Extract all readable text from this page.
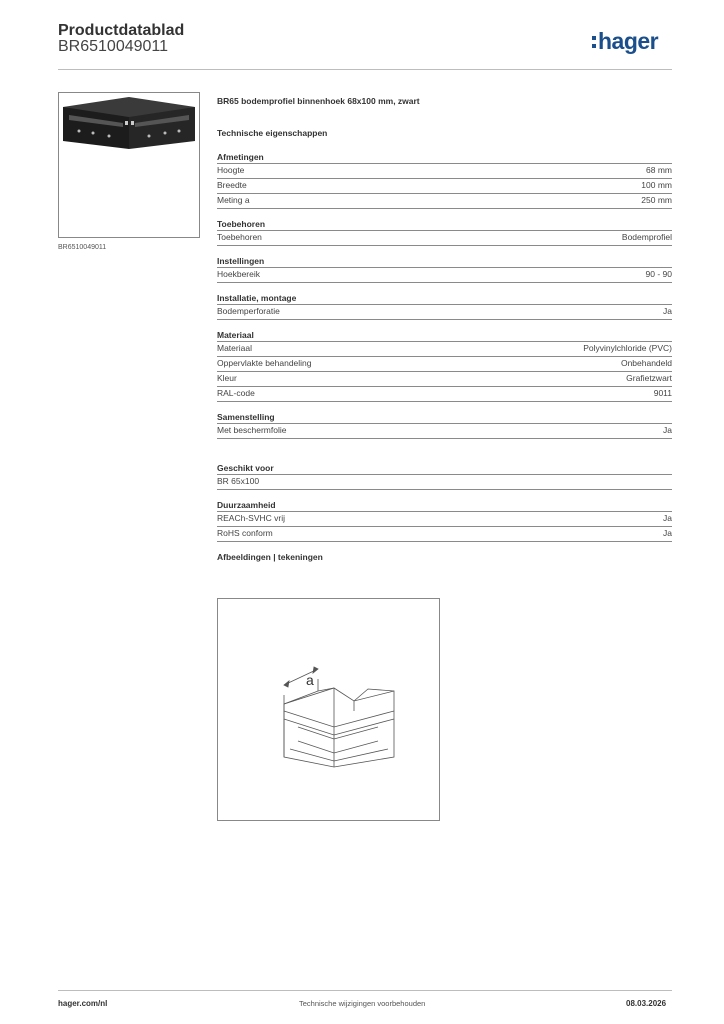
Productdatablad
BR6510049011	hager
BR6510049011
BR65 bodemprofiel binnenhoek 68x100 mm, zwart
Technische eigenschappen
Afmetingen
Hoogte	68 mm
Breedte	100 mm
Meting a	250 mm
Toebehoren
Toebehoren	Bodemprofiel
Instellingen
Hoekbereik	90 - 90
Installatie, montage
Bodemperforatie	Ja
Materiaal
Materiaal	Polyvinylchloride (PVC)
Oppervlakte behandeling	Onbehandeld
Kleur	Grafietzwart
RAL-code	9011
Samenstelling
Met beschermfolie	Ja
Geschikt voor
BR 65x100
Duurzaamheid
REACh-SVHC vrij	Ja
RoHS conform	Ja
Afbeeldingen | tekeningen
a
hager.com/nl	Technische wijzigingen voorbehouden	08.03.2026
